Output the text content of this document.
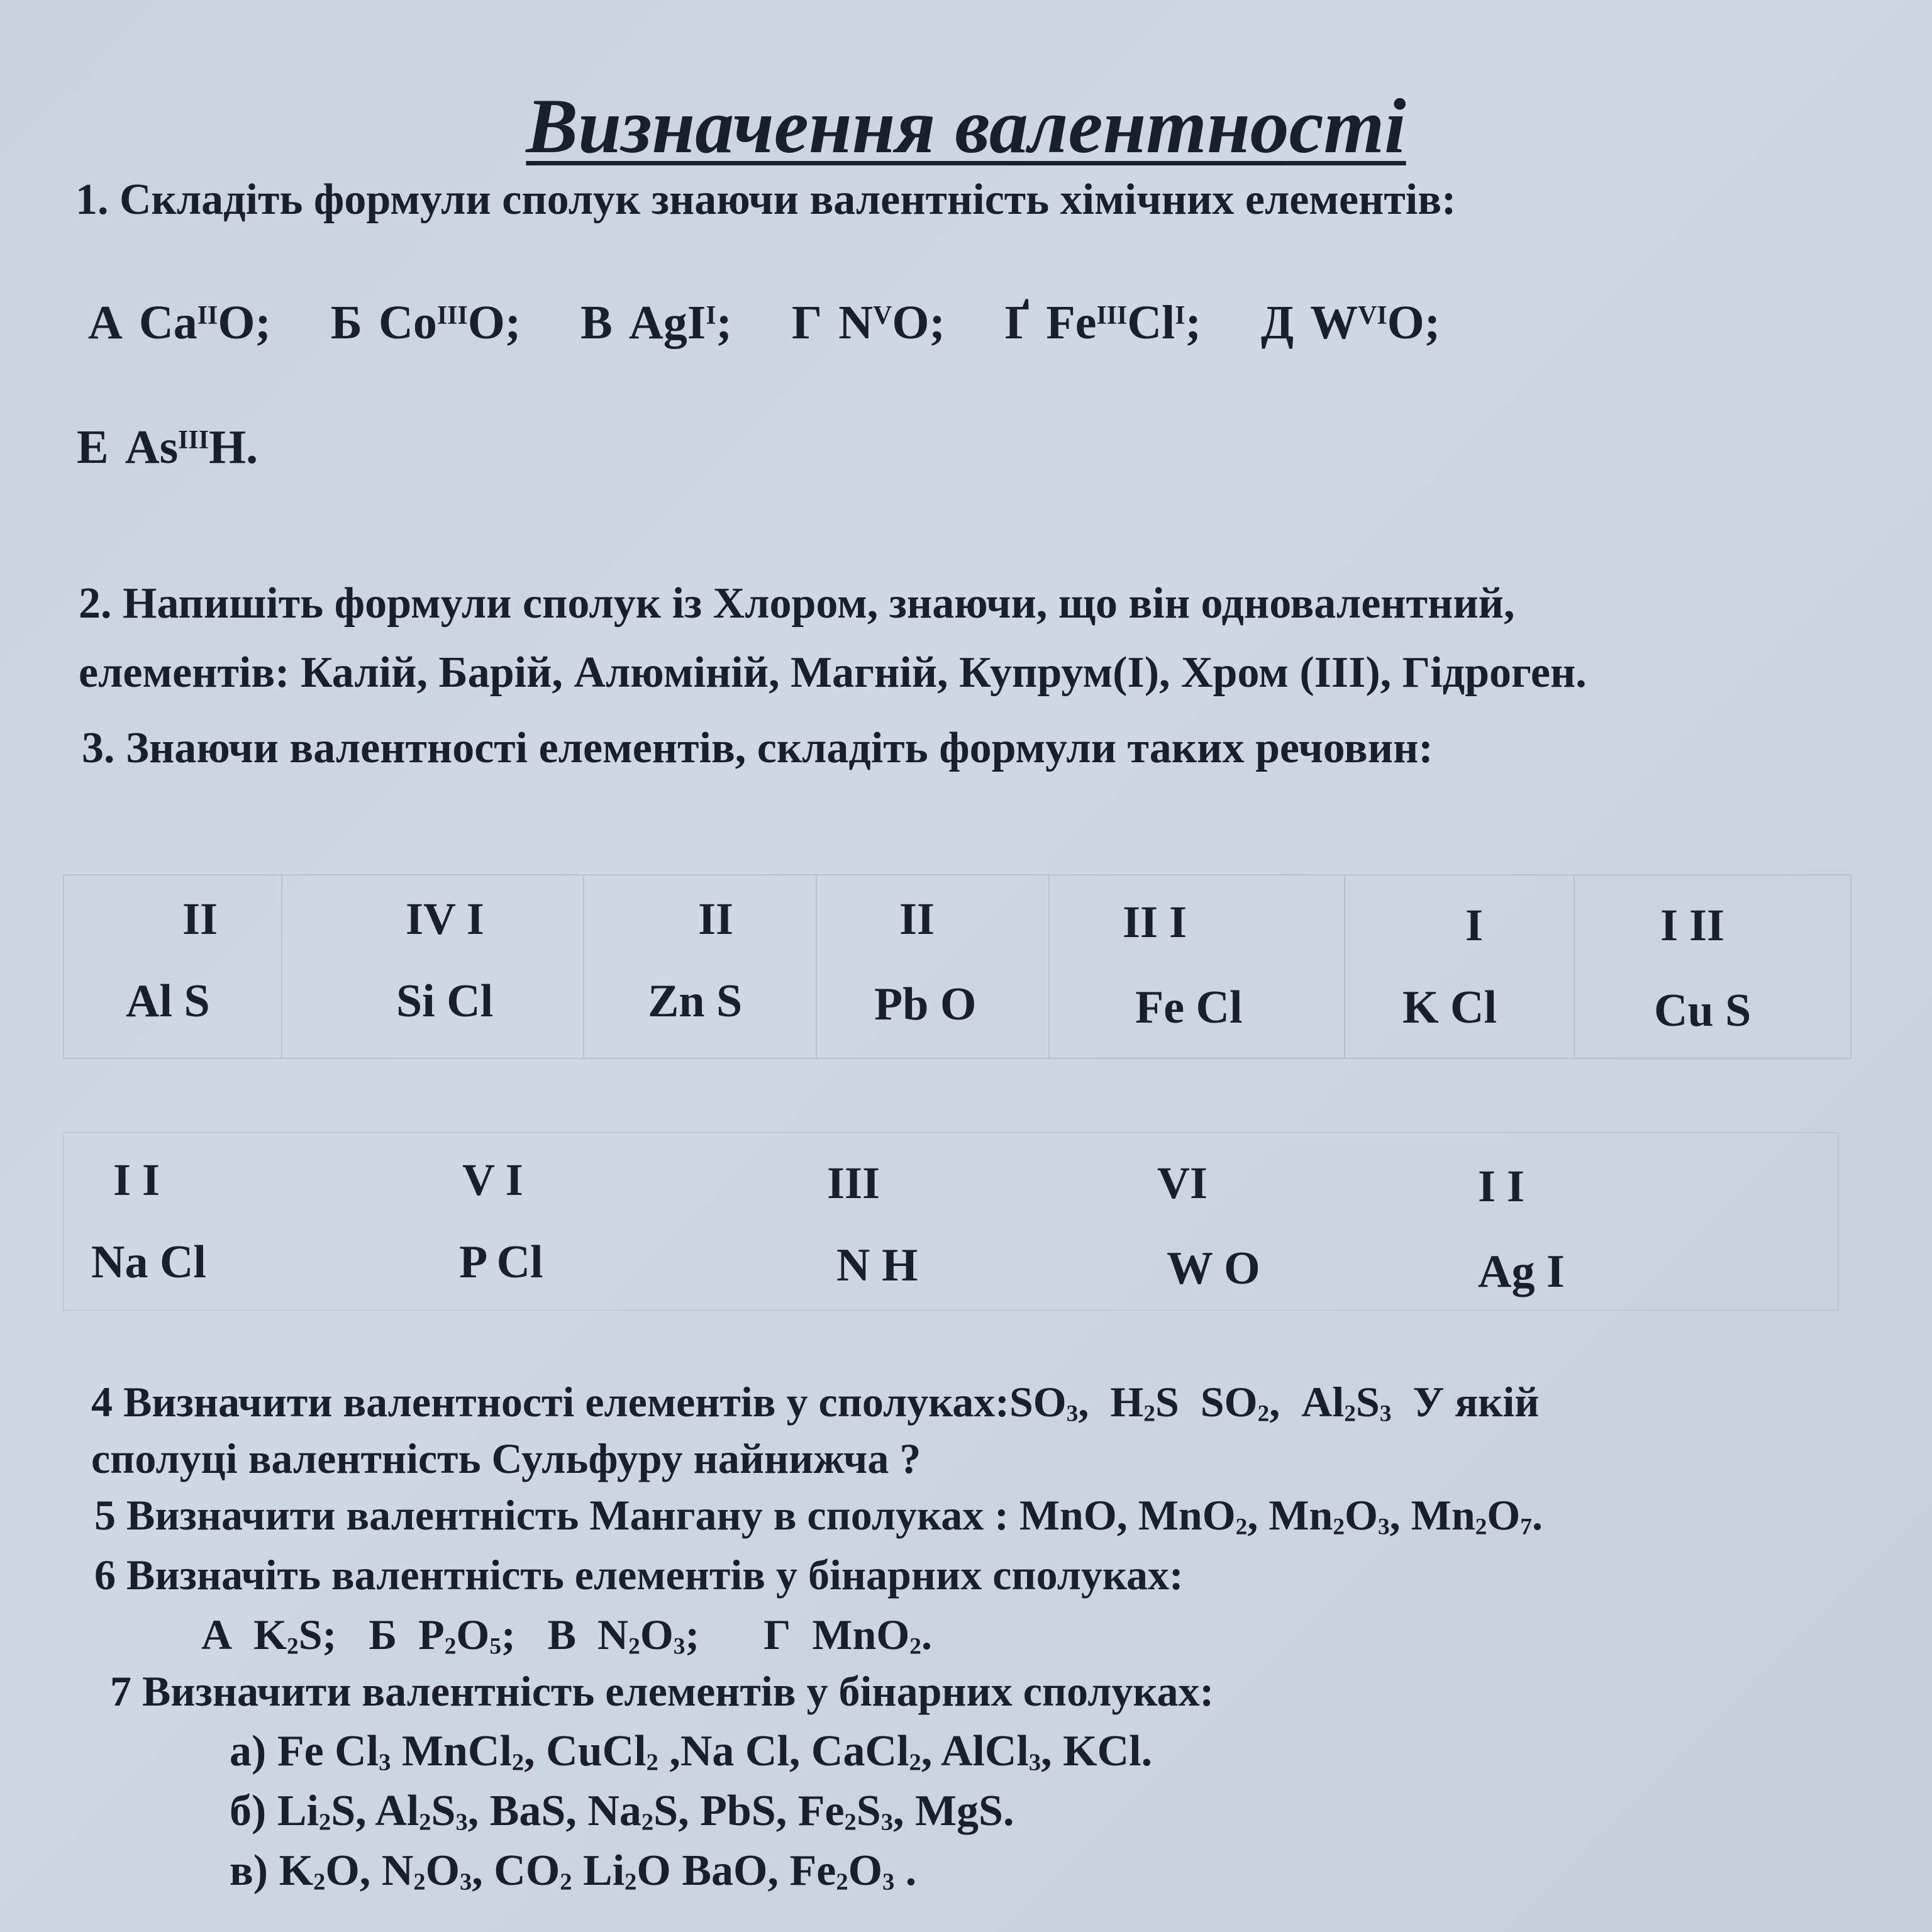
Визначення валентності
1. Складіть формули сполук знаючи валентність хімічних елементів:
А $Ca^{II}O$; Б $Co^{III}O$; В AgI$^I$; Г $N^VO$; Ґ $Fe^{III}Cl^I$; Д $W^{VI}O$;
Е $As^{III}H$.
2. Напишіть формули сполук із Хлором, знаючи, що він одновалентний,
елементів: Калій, Барій, Алюміній, Магній, Купрум(I), Хром (III), Гідроген.
3. Знаючи валентності елементів, складіть формули таких речовин:
II
Al S
IV I
Si Cl
II
Zn S
II
Pb O
II I
Fe Cl
I
K Cl
I II
Cu S
I I
Na Cl
V I
P Cl
III
N H
VI
W O
I I
Ag I
4 Визначити валентності елементів у $сполуках:SO_3$,  $H_2S$  $SO_2$,  $Al_2S_3$ У якій
сполуці валентність Сульфуру найнижча ?
5 Визначити валентність Мангану в сполуках : MnO, MnO$_2$, $Mn_2O_3$, $Mn_2O_7$.
6 Визначіть валентність елементів у бінарних сполуках:
А  $K_2S$;   Б  $P_2O_5$;   В  $N_2O_3$;      Г  MnO$_2$.
7 Визначити валентність елементів у бінарних сполуках:
а) Fe $Cl_3$ MnCl$_2$, CuCl$_2$ ,Na Cl, CaCl$_2$, AlCl$_3$, KCl.
б) $Li_2S$, $Al_2S_3$, BaS, $Na_2S$, PbS, $Fe_2S_3$, MgS.
в) $K_2O$, $N_2O_3$, $CO_2$ $Li_2O$ BaO, $Fe_2O_3$ .
